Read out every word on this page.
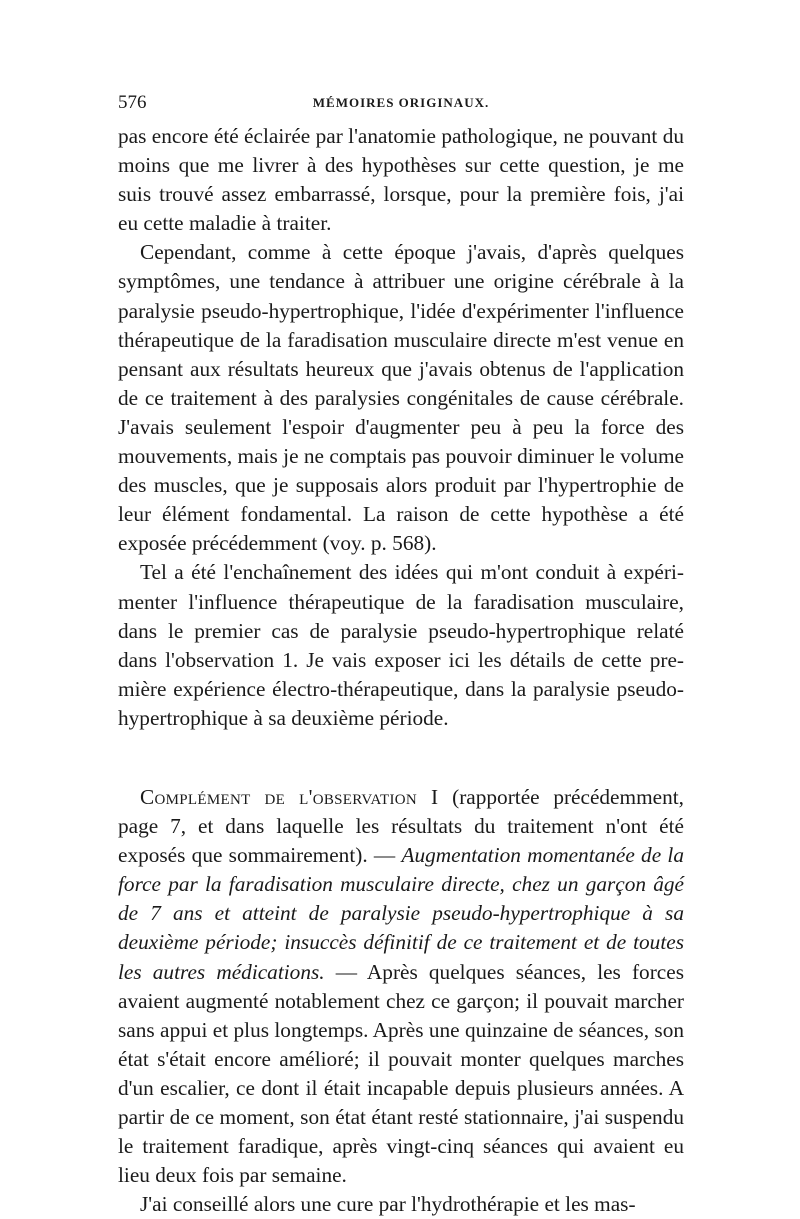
576	MÉMOIRES ORIGINAUX.

pas encore été éclairée par l'anatomie pathologique, ne pouvant du moins que me livrer à des hypothèses sur cette question, je me suis trouvé assez embarrassé, lorsque, pour la première fois, j'ai eu cette maladie à traiter.

Cependant, comme à cette époque j'avais, d'après quelques symptômes, une tendance à attribuer une origine cérébrale à la paralysie pseudo-hypertrophique, l'idée d'expérimenter l'influence thérapeutique de la faradisation musculaire directe m'est venue en pensant aux résultats heureux que j'avais obtenus de l'application de ce traitement à des paralysies congénitales de cause cérébrale. J'avais seulement l'espoir d'augmenter peu à peu la force des mouvements, mais je ne comptais pas pouvoir diminuer le volume des muscles, que je supposais alors produit par l'hypertrophie de leur élément fondamental. La raison de cette hypothèse a été exposée précédemment (voy. p. 568).

Tel a été l'enchaînement des idées qui m'ont conduit à expérimenter l'influence thérapeutique de la faradisation musculaire, dans le premier cas de paralysie pseudo-hypertrophique relaté dans l'observation 1. Je vais exposer ici les détails de cette première expérience électro-thérapeutique, dans la paralysie pseudo-hypertrophique à sa deuxième période.

Complément de l'observation I (rapportée précédemment, page 7, et dans laquelle les résultats du traitement n'ont été exposés que sommairement). — Augmentation momentanée de la force par la faradisation musculaire directe, chez un garçon âgé de 7 ans et atteint de paralysie pseudo-hypertrophique à sa deuxième période; insuccès définitif de ce traitement et de toutes les autres médications. — Après quelques séances, les forces avaient augmenté notablement chez ce garçon; il pouvait marcher sans appui et plus longtemps. Après une quinzaine de séances, son état s'était encore amélioré; il pouvait monter quelques marches d'un escalier, ce dont il était incapable depuis plusieurs années. A partir de ce moment, son état étant resté stationnaire, j'ai suspendu le traitement faradique, après vingt-cinq séances qui avaient eu lieu deux fois par semaine.

J'ai conseillé alors une cure par l'hydrothérapie et les mas-
